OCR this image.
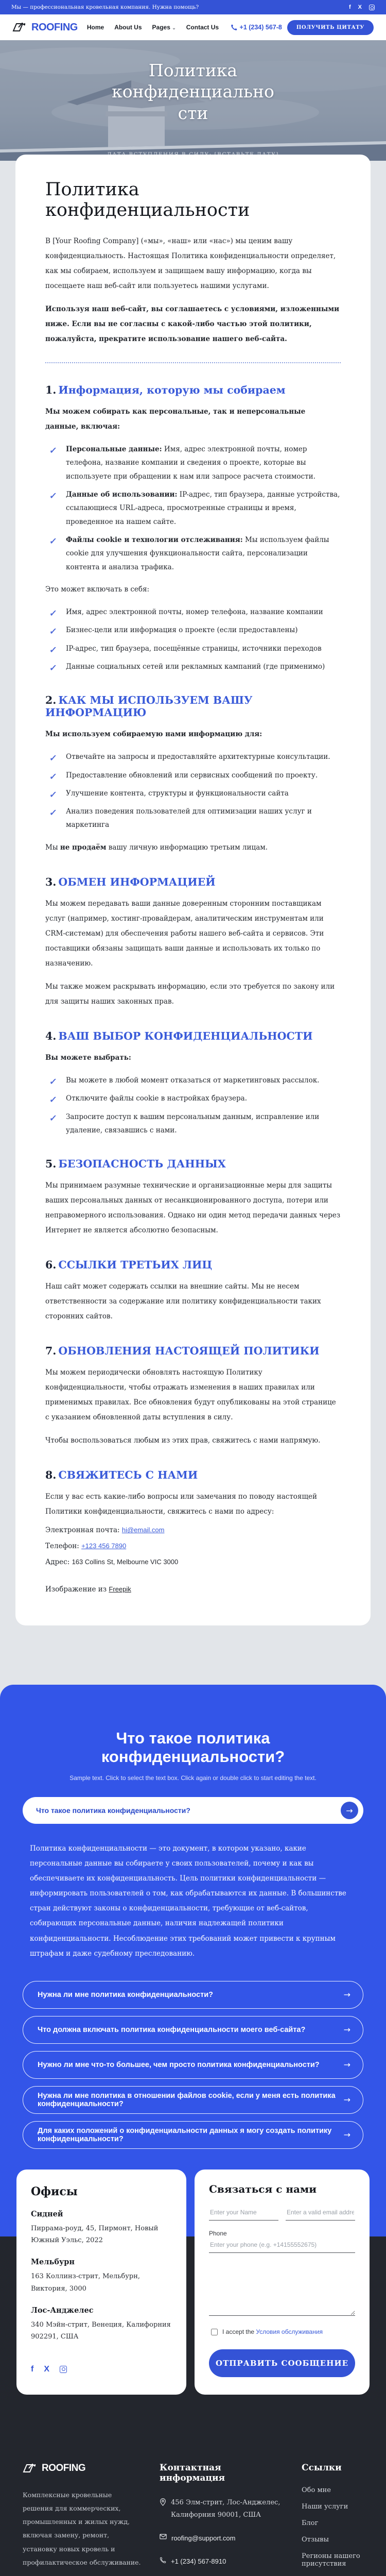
Мы — профессиональная кровельная компания. Нужна помощь?	f X
ROOFING Home About Us Pages ⌄ Contact Us	+1 (234) 567-8	ПОЛУЧИТЬ ЦИТАТУ
Политика
конфиденциально
сти
Политика конфиденциальности

В [Your Roofing Company] («мы», «наш» или «нас») мы ценим вашу конфиденциальность. Настоящая Политика конфиденциальности определяет, как мы собираем, используем и защищаем вашу информацию, когда вы посещаете наш веб-сайт или пользуетесь нашими услугами.

Используя наш веб-сайт, вы соглашаетесь с условиями, изложенными ниже. Если вы не согласны с какой-либо частью этой политики, пожалуйста, прекратите использование нашего веб-сайта.

1. Информация, которую мы собираем

Мы можем собирать как персональные, так и неперсональные данные, включая:

✓
Персональные данные: Имя, адрес электронной почты, номер телефона, название компании и сведения о проекте, которые вы используете при обращении к нам или запросе расчета стоимости.
✓
Данные об использовании: IP-адрес, тип браузера, данные устройства, ссылающиеся URL-адреса, просмотренные страницы и время, проведенное на нашем сайте.
✓
Файлы cookie и технологии отслеживания: Мы используем файлы cookie для улучшения функциональности сайта, персонализации контента и анализа трафика.

Это может включать в себя:

✓
Имя, адрес электронной почты, номер телефона, название компании
✓
Бизнес-цели или информация о проекте (если предоставлены)
✓
IP-адрес, тип браузера, посещённые страницы, источники переходов
✓
Данные социальных сетей или рекламных кампаний (где применимо)
2. КАК МЫ ИСПОЛЬЗУЕМ ВАШУ ИНФОРМАЦИЮ

Мы используем собираемую нами информацию для:

✓
Отвечайте на запросы и предоставляйте архитектурные консультации.
✓
Предоставление обновлений или сервисных сообщений по проекту.
✓
Улучшение контента, структуры и функциональности сайта
✓
Анализ поведения пользователей для оптимизации наших услуг и маркетинга

Мы не продаём вашу личную информацию третьим лицам.

3. ОБМЕН ИНФОРМАЦИЕЙ

Мы можем передавать ваши данные доверенным сторонним поставщикам услуг (например, хостинг-провайдерам, аналитическим инструментам или CRM-системам) для обеспечения работы нашего веб-сайта и сервисов. Эти поставщики обязаны защищать ваши данные и использовать их только по назначению.

Мы также можем раскрывать информацию, если это требуется по закону или для защиты наших законных прав.

4. ВАШ ВЫБОР КОНФИДЕНЦИАЛЬНОСТИ

Вы можете выбрать:

✓
Вы можете в любой момент отказаться от маркетинговых рассылок.
✓
Отключите файлы cookie в настройках браузера.
✓
Запросите доступ к вашим персональным данным, исправление или удаление, связавшись с нами.
5. БЕЗОПАСНОСТЬ ДАННЫХ

Мы принимаем разумные технические и организационные меры для защиты ваших персональных данных от несанкционированного доступа, потери или неправомерного использования. Однако ни один метод передачи данных через Интернет не является абсолютно безопасным.

6. ССЫЛКИ ТРЕТЬИХ ЛИЦ

Наш сайт может содержать ссылки на внешние сайты. Мы не несем ответственности за содержание или политику конфиденциальности таких сторонних сайтов.

7. ОБНОВЛЕНИЯ НАСТОЯЩЕЙ ПОЛИТИКИ

Мы можем периодически обновлять настоящую Политику конфиденциальности, чтобы отражать изменения в наших правилах или применимых правилах. Все обновления будут опубликованы на этой странице с указанием обновленной даты вступления в силу.

Чтобы воспользоваться любым из этих прав, свяжитесь с нами напрямую.

8. СВЯЖИТЕСЬ С НАМИ

Если у вас есть какие-либо вопросы или замечания по поводу настоящей Политики конфиденциальности, свяжитесь с нами по адресу:

Электронная почта: hi@email.com

Телефон: +123 456 7890

Адрес: 163 Collins St, Melbourne VIC 3000

Изображение из Freepik

Что такое политика конфиденциальности?

Sample text. Click to select the text box. Click again or double click to start editing the text.

Что такое политика конфиденциальности?	→

Политика конфиденциальности — это документ, в котором указано, какие персональные данные вы собираете у своих пользователей, почему и как вы обеспечиваете их конфиденциальность. Цель политики конфиденциальности — информировать пользователей о том, как обрабатываются их данные. В большинстве стран действуют законы о конфиденциальности, требующие от веб-сайтов, собирающих персональные данные, наличия надлежащей политики конфиденциальности. Несоблюдение этих требований может привести к крупным штрафам и даже судебному преследованию.

Нужна ли мне политика конфиденциальности?	→
Что должна включать политика конфиденциальности моего веб-сайта?	→
Нужно ли мне что-то большее, чем просто политика конфиденциальности?	→
Нужна ли мне политика в отношении файлов cookie, если у меня есть политика конфиденциальности?	→
Для каких положений о конфиденциальности данных я могу создать политику конфиденциальности?	→
Офисы

Сидней

Пиррама-роуд, 45, Пирмонт, Новый Южный Уэльс, 2022

Мельбурн

163 Коллинз-стрит, Мельбурн, Виктория, 3000

Лос-Анджелес

340 Мэйн-стрит, Венеция, Калифорния 902291, США

f X
Связаться с нами
Enter your Name
Enter a valid email address
Phone
Enter your phone (e.g. +14155552675)
I accept the Условия обслуживания
ОТПРАВИТЬ СООБЩЕНИЕ
ROOFING

Комплексные кровельные решения для коммерческих, промышленных и жилых нужд, включая замену, ремонт, установку новых кровель и профилактическое обслуживание.

Контактная информация
456 Элм-стрит, Лос-Анджелес, Калифорния 90001, США
roofing@support.com
+1 (234) 567-8910
Ссылки
Обо мне
Наши услуги
Блог
Отзывы
Регионы нашего присутствия
